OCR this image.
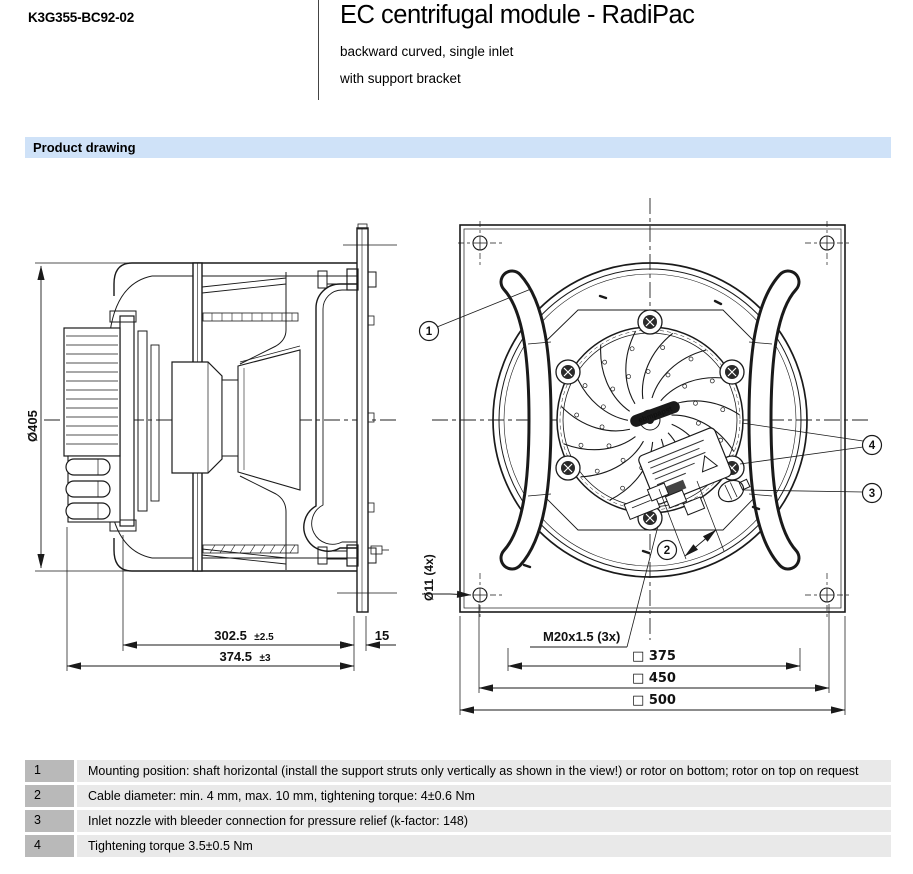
K3G355-BC92-02	EC centrifugal module - RadiPac
backward curved, single inlet
with support bracket
Product drawing
Ø405
302.5 ±2.5	15
374.5 ±3
ebmpapst
1
2
3
4
Ø11 (4x)
M20x1.5 (3x)
□ 375
□ 450
□ 500
1	Mounting position: shaft horizontal (install the support struts only vertically as shown in the view!) or rotor on bottom; rotor on top on request
2	Cable diameter: min. 4 mm, max. 10 mm, tightening torque: 4±0.6 Nm
3	Inlet nozzle with bleeder connection for pressure relief (k-factor: 148)
4	Tightening torque 3.5±0.5 Nm
